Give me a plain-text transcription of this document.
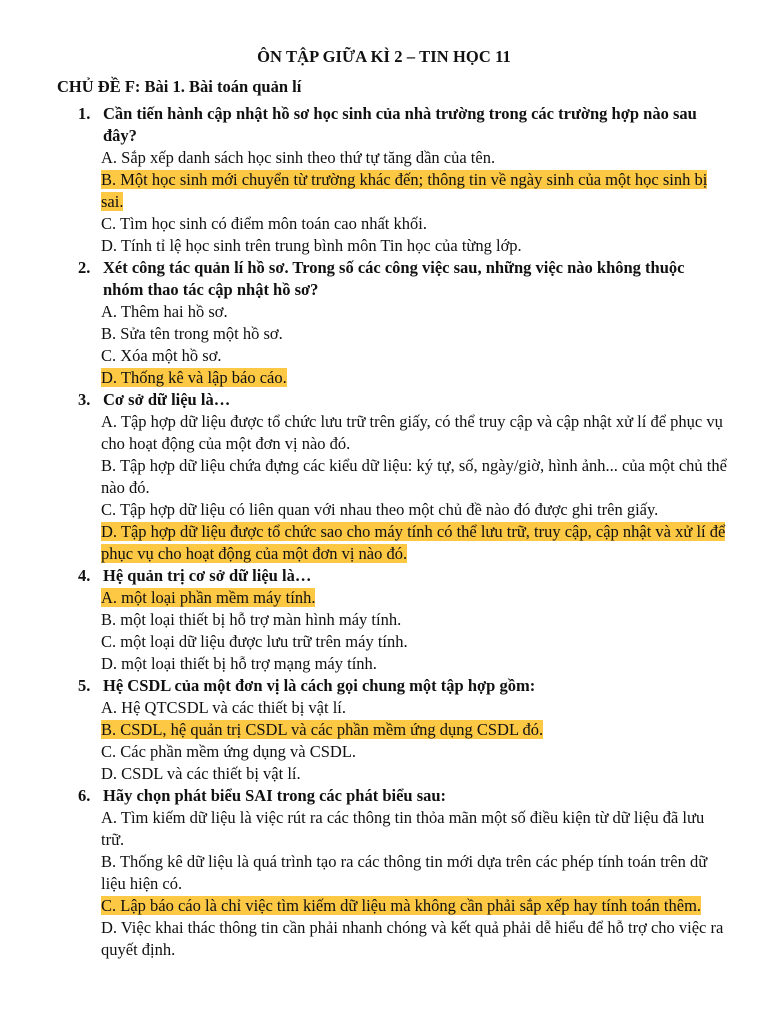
ÔN TẬP GIỮA KÌ 2 – TIN HỌC 11
CHỦ ĐỀ F: Bài 1. Bài toán quản lí
1. Cần tiến hành cập nhật hồ sơ học sinh của nhà trường trong các trường hợp nào sau đây?
A. Sắp xếp danh sách học sinh theo thứ tự tăng dần của tên.
B. Một học sinh mới chuyển từ trường khác đến; thông tin về ngày sinh của một học sinh bị sai.
C. Tìm học sinh có điểm môn toán cao nhất khối.
D. Tính tỉ lệ học sinh trên trung bình môn Tin học của từng lớp.
2. Xét công tác quản lí hồ sơ. Trong số các công việc sau, những việc nào không thuộc nhóm thao tác cập nhật hồ sơ?
A. Thêm hai hồ sơ.
B. Sửa tên trong một hồ sơ.
C. Xóa một hồ sơ.
D. Thống kê và lập báo cáo.
3. Cơ sở dữ liệu là…
A. Tập hợp dữ liệu được tổ chức lưu trữ trên giấy, có thể truy cập và cập nhật xử lí để phục vụ cho hoạt động của một đơn vị nào đó.
B. Tập hợp dữ liệu chứa đựng các kiểu dữ liệu: ký tự, số, ngày/giờ, hình ảnh... của một chủ thể nào đó.
C. Tập hợp dữ liệu có liên quan với nhau theo một chủ đề nào đó được ghi trên giấy.
D. Tập hợp dữ liệu được tổ chức sao cho máy tính có thể lưu trữ, truy cập, cập nhật và xử lí để phục vụ cho hoạt động của một đơn vị nào đó.
4. Hệ quản trị cơ sở dữ liệu là…
A. một loại phần mềm máy tính.
B. một loại thiết bị hỗ trợ màn hình máy tính.
C. một loại dữ liệu được lưu trữ trên máy tính.
D. một loại thiết bị hỗ trợ mạng máy tính.
5. Hệ CSDL của một đơn vị là cách gọi chung một tập hợp gồm:
A. Hệ QTCSDL và các thiết bị vật lí.
B. CSDL, hệ quản trị CSDL và các phần mềm ứng dụng CSDL đó.
C. Các phần mềm ứng dụng và CSDL.
D. CSDL và các thiết bị vật lí.
6. Hãy chọn phát biểu SAI trong các phát biểu sau:
A. Tìm kiếm dữ liệu là việc rút ra các thông tin thỏa mãn một số điều kiện từ dữ liệu đã lưu trữ.
B. Thống kê dữ liệu là quá trình tạo ra các thông tin mới dựa trên các phép tính toán trên dữ liệu hiện có.
C. Lập báo cáo là chỉ việc tìm kiếm dữ liệu mà không cần phải sắp xếp hay tính toán thêm.
D. Việc khai thác thông tin cần phải nhanh chóng và kết quả phải dễ hiểu để hỗ trợ cho việc ra quyết định.
